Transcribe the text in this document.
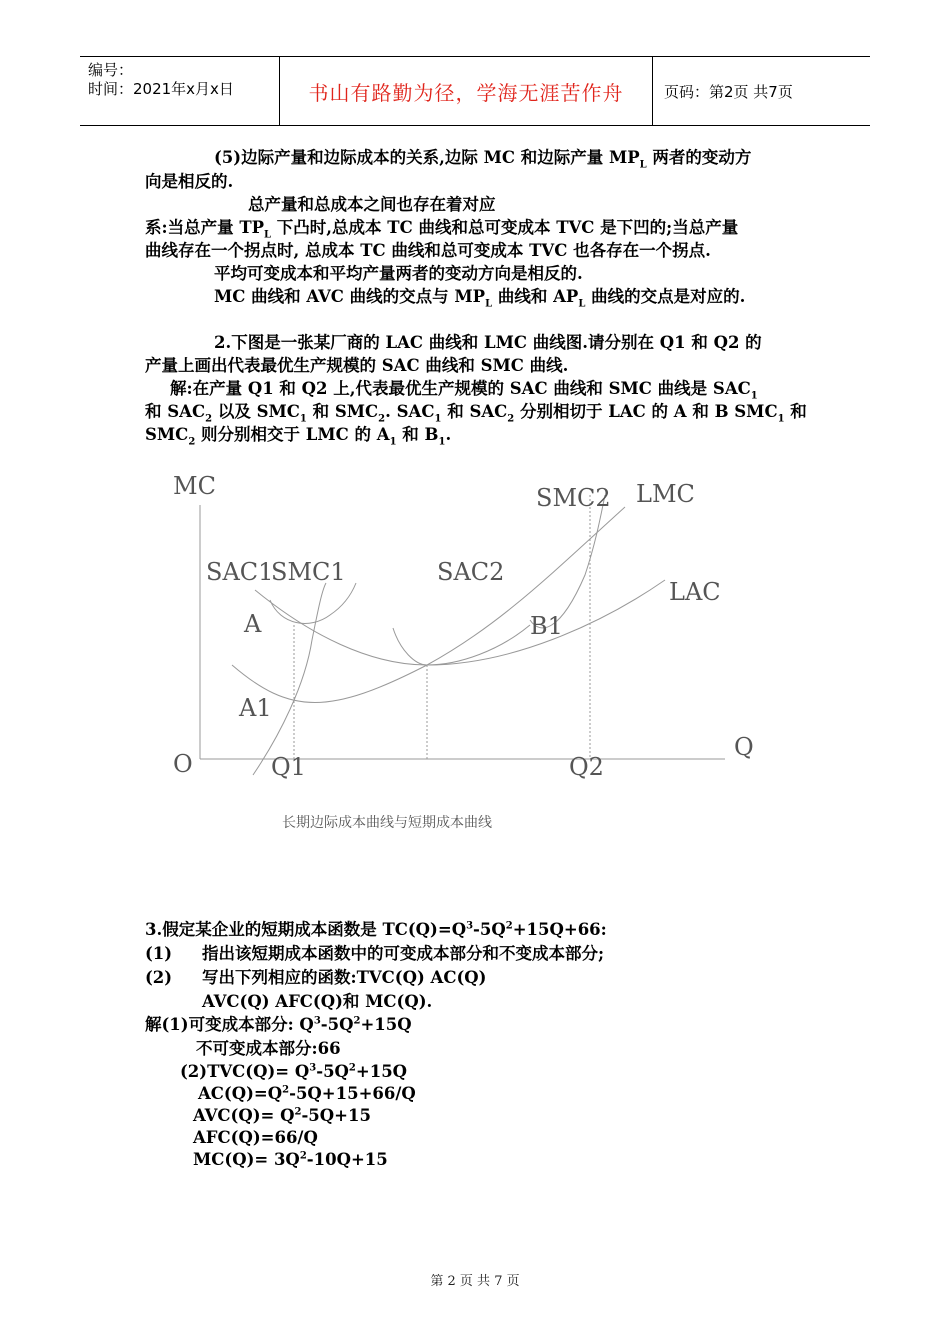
编号：
时间：2021年x月x日	书山有路勤为径，学海无涯苦作舟	页码：第2页 共7页
(5)边际产量和边际成本的关系,边际 MC 和边际产量 $MP_L$ 两者的变动方
向是相反的.
总产量和总成本之间也存在着对应
系:当总产量 $TP_L$ 下凸时,总成本 TC 曲线和总可变成本 TVC 是下凹的;当总产量
曲线存在一个拐点时, 总成本 TC 曲线和总可变成本 TVC 也各存在一个拐点.
平均可变成本和平均产量两者的变动方向是相反的.
MC 曲线和 AVC 曲线的交点与 $MP_L$ 曲线和 $AP_L$ 曲线的交点是对应的.
2.下图是一张某厂商的 LAC 曲线和 LMC 曲线图.请分别在 Q1 和 Q2 的
产量上画出代表最优生产规模的 SAC 曲线和 SMC 曲线.
解:在产量 Q1 和 Q2 上,代表最优生产规模的 SAC 曲线和 SMC 曲线是 $SAC_1$
和 $SAC_2$ 以及 $SMC_1$ 和 $SMC_2$. $SAC_1$ 和 $SAC_2$ 分别相切于 LAC 的 A 和 B $SMC_1$ 和
$SMC_2$ 则分别相交于 LMC 的 $A_1$ 和 $B_1$.
MC	SMC2 LMC
SAC1
SMC1	SAC2
LAC
A	B1
A1
O	Q1	Q2
Q
长期边际成本曲线与短期成本曲线
3.假定某企业的短期成本函数是 $TC(Q)=Q^3-5Q^2+15Q+66$:
(1) 指出该短期成本函数中的可变成本部分和不变成本部分;
(2) 写出下列相应的函数:TVC(Q) AC(Q)
AVC(Q) AFC(Q)和 MC(Q).
解(1)可变成本部分: $Q^3-5Q^2+15Q$
不可变成本部分:66
$(2)TVC(Q)= Q^3-5Q^2+15Q$
$AC(Q)=Q^2-5Q+15+66/Q$
$AVC(Q)= Q^2-5Q+15$
AFC(Q)=66/Q
$MC(Q)= 3Q^2-10Q+15$
第 2 页 共 7 页
